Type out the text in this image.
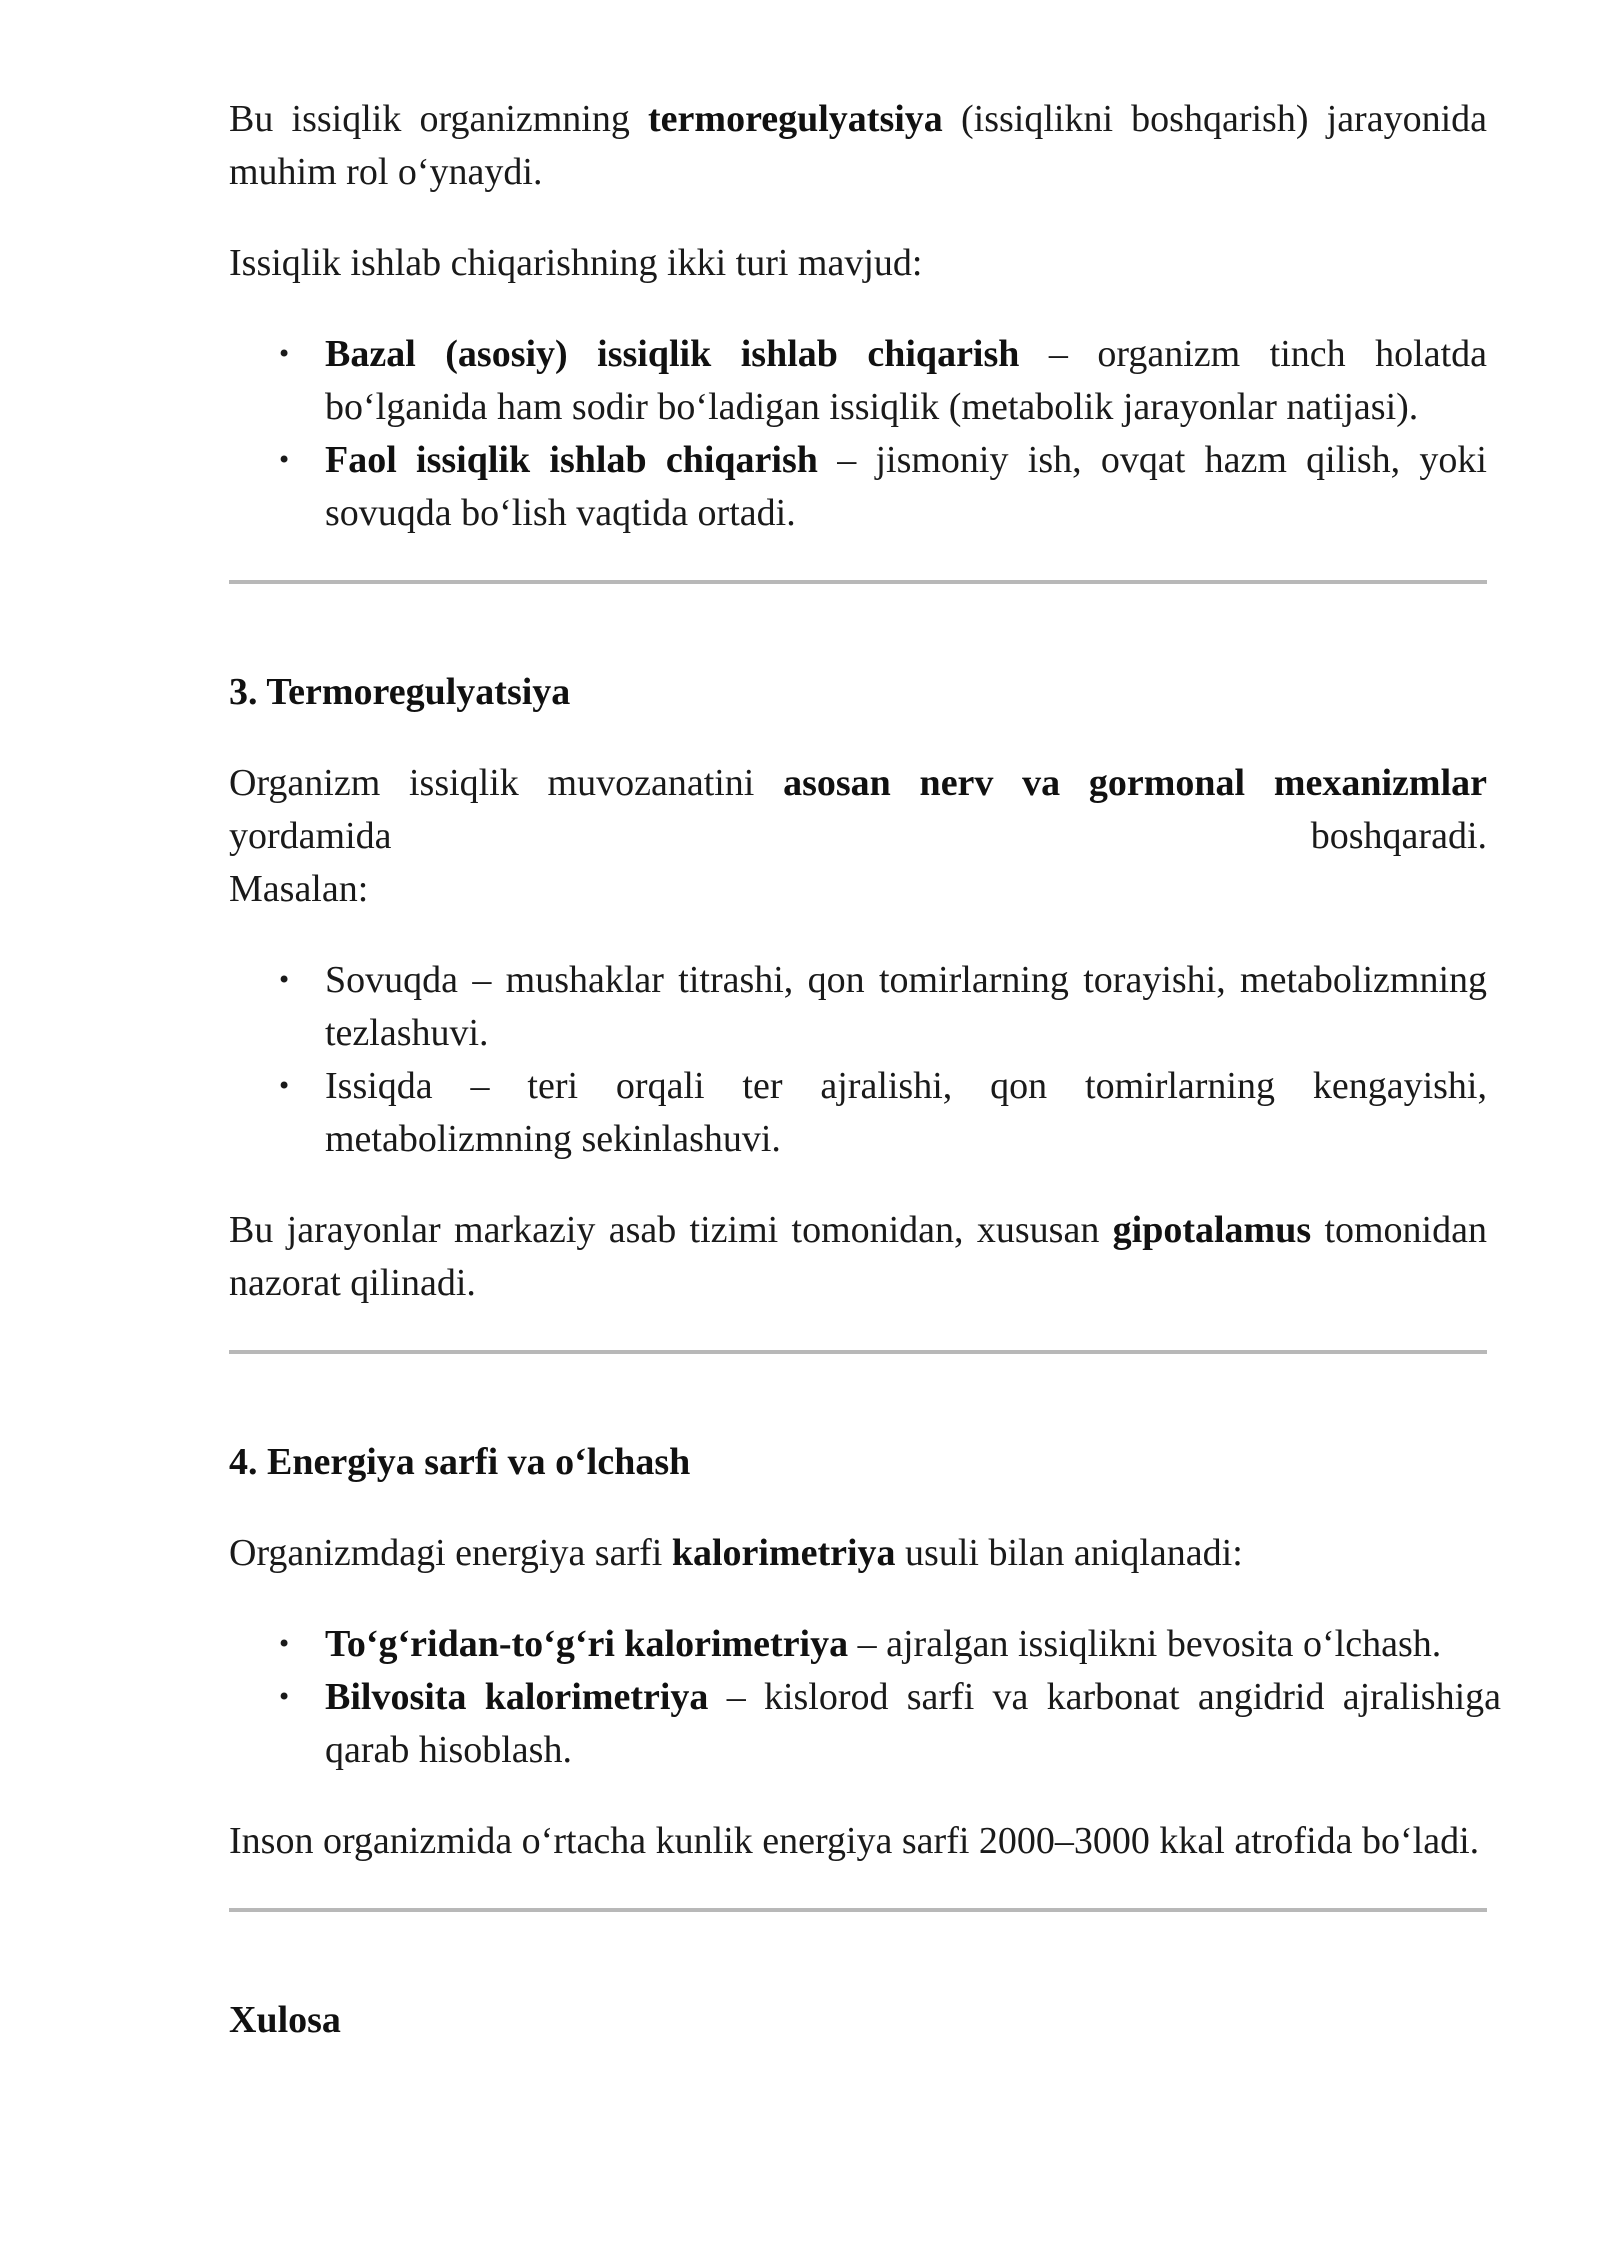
Bu issiqlik organizmning termoregulyatsiya (issiqlikni boshqarish) jarayonida muhim rol o‘ynaydi.

Issiqlik ishlab chiqarishning ikki turi mavjud:

• Bazal (asosiy) issiqlik ishlab chiqarish – organizm tinch holatda bo‘lganida ham sodir bo‘ladigan issiqlik (metabolik jarayonlar natijasi).
• Faol issiqlik ishlab chiqarish – jismoniy ish, ovqat hazm qilish, yoki sovuqda bo‘lish vaqtida ortadi.
3. Termoregulyatsiya

Organizm issiqlik muvozanatini asosan nerv va gormonal mexanizmlar yordamida boshqaradi.

Masalan:

• Sovuqda – mushaklar titrashi, qon tomirlarning torayishi, metabolizmning tezlashuvi.
• Issiqda – teri orqali ter ajralishi, qon tomirlarning kengayishi, metabolizmning sekinlashuvi.

Bu jarayonlar markaziy asab tizimi tomonidan, xususan gipotalamus tomonidan nazorat qilinadi.

4. Energiya sarfi va o‘lchash

Organizmdagi energiya sarfi kalorimetriya usuli bilan aniqlanadi:

• To‘g‘ridan-to‘g‘ri kalorimetriya – ajralgan issiqlikni bevosita o‘lchash.
• Bilvosita kalorimetriya – kislorod sarfi va karbonat angidrid ajralishiga qarab hisoblash.

Inson organizmida o‘rtacha kunlik energiya sarfi 2000–3000 kkal atrofida bo‘ladi.

Xulosa
